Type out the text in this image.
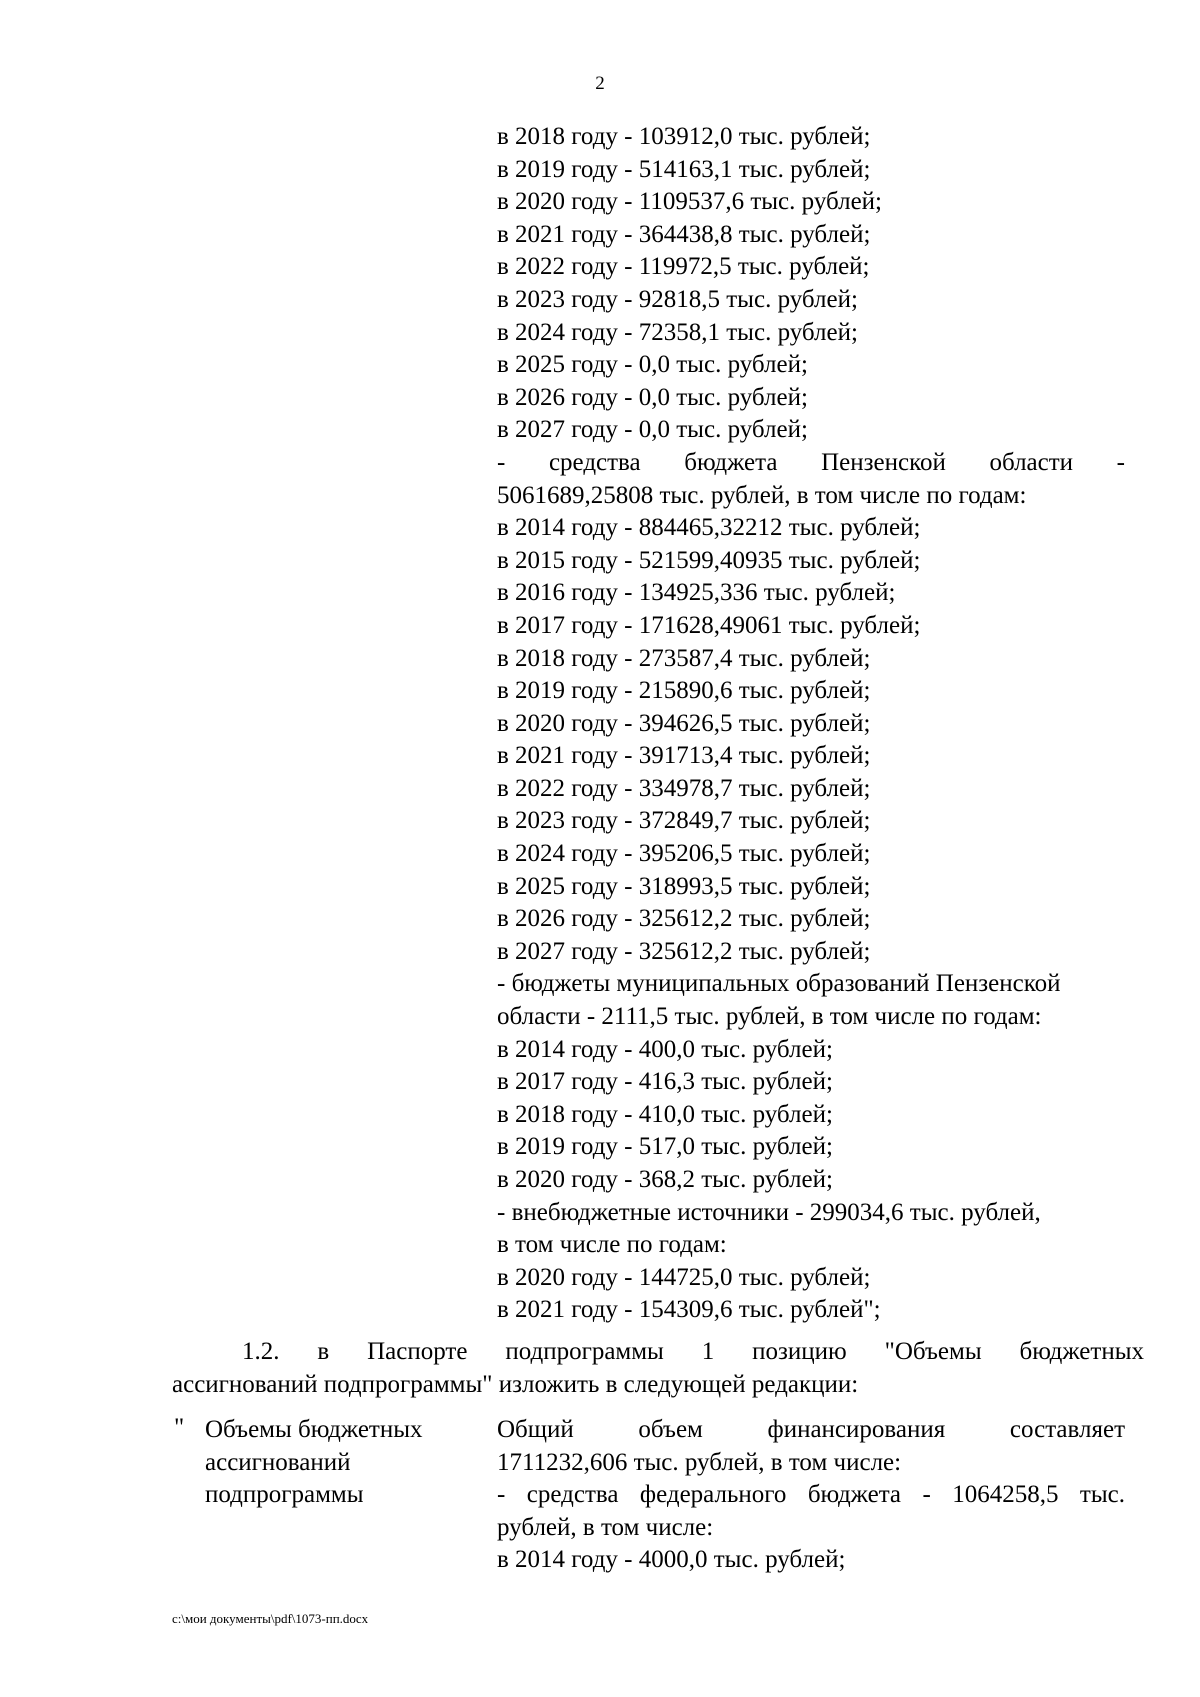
2
в 2018 году - 103912,0 тыс. рублей;
в 2019 году - 514163,1 тыс. рублей;
в 2020 году - 1109537,6 тыс. рублей;
в 2021 году - 364438,8 тыс. рублей;
в 2022 году - 119972,5 тыс. рублей;
в 2023 году - 92818,5 тыс. рублей;
в 2024 году - 72358,1 тыс. рублей;
в 2025 году - 0,0 тыс. рублей;
в 2026 году - 0,0 тыс. рублей;
в 2027 году - 0,0 тыс. рублей;
- средства бюджета Пензенской области -
5061689,25808 тыс. рублей, в том числе по годам:
в 2014 году - 884465,32212 тыс. рублей;
в 2015 году - 521599,40935 тыс. рублей;
в 2016 году - 134925,336 тыс. рублей;
в 2017 году - 171628,49061 тыс. рублей;
в 2018 году - 273587,4 тыс. рублей;
в 2019 году - 215890,6 тыс. рублей;
в 2020 году - 394626,5 тыс. рублей;
в 2021 году - 391713,4 тыс. рублей;
в 2022 году - 334978,7 тыс. рублей;
в 2023 году - 372849,7 тыс. рублей;
в 2024 году - 395206,5 тыс. рублей;
в 2025 году - 318993,5 тыс. рублей;
в 2026 году - 325612,2 тыс. рублей;
в 2027 году - 325612,2 тыс. рублей;
- бюджеты муниципальных образований Пензенской
области - 2111,5 тыс. рублей, в том числе по годам:
в 2014 году - 400,0 тыс. рублей;
в 2017 году - 416,3 тыс. рублей;
в 2018 году - 410,0 тыс. рублей;
в 2019 году - 517,0 тыс. рублей;
в 2020 году - 368,2 тыс. рублей;
- внебюджетные источники - 299034,6 тыс. рублей,
в том числе по годам:
в 2020 году - 144725,0 тыс. рублей;
в 2021 году - 154309,6 тыс. рублей";
1.2. в Паспорте подпрограммы 1 позицию "Объемы бюджетных
ассигнований подпрограммы" изложить в следующей редакции:
" Объемы бюджетных
ассигнований
подпрограммы
Общий объем финансирования составляет
1711232,606 тыс. рублей, в том числе:
- средства федерального бюджета - 1064258,5 тыс.
рублей, в том числе:
в 2014 году - 4000,0 тыс. рублей;
c:\мои документы\pdf\1073-пп.docx
